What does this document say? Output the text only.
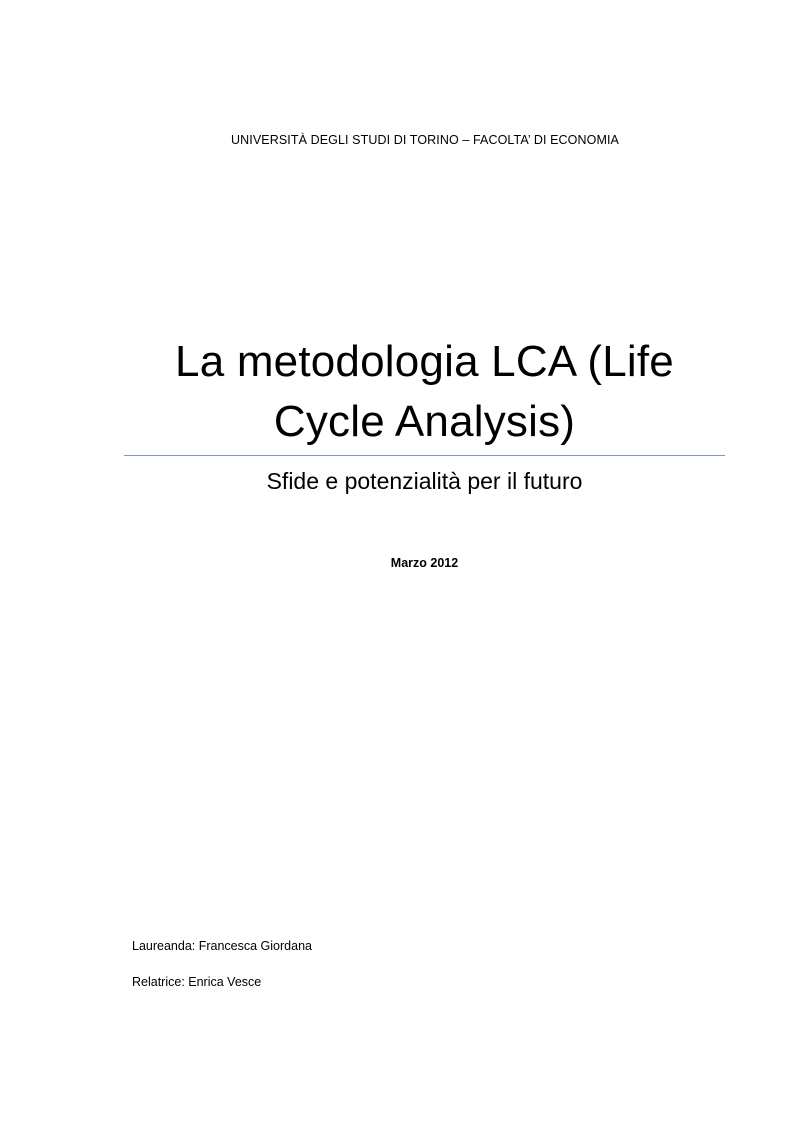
UNIVERSITÀ DEGLI STUDI DI TORINO – FACOLTA’ DI ECONOMIA
La metodologia LCA (Life
Cycle Analysis)
Sfide e potenzialità per il futuro
Marzo 2012
Laureanda: Francesca Giordana
Relatrice: Enrica Vesce
